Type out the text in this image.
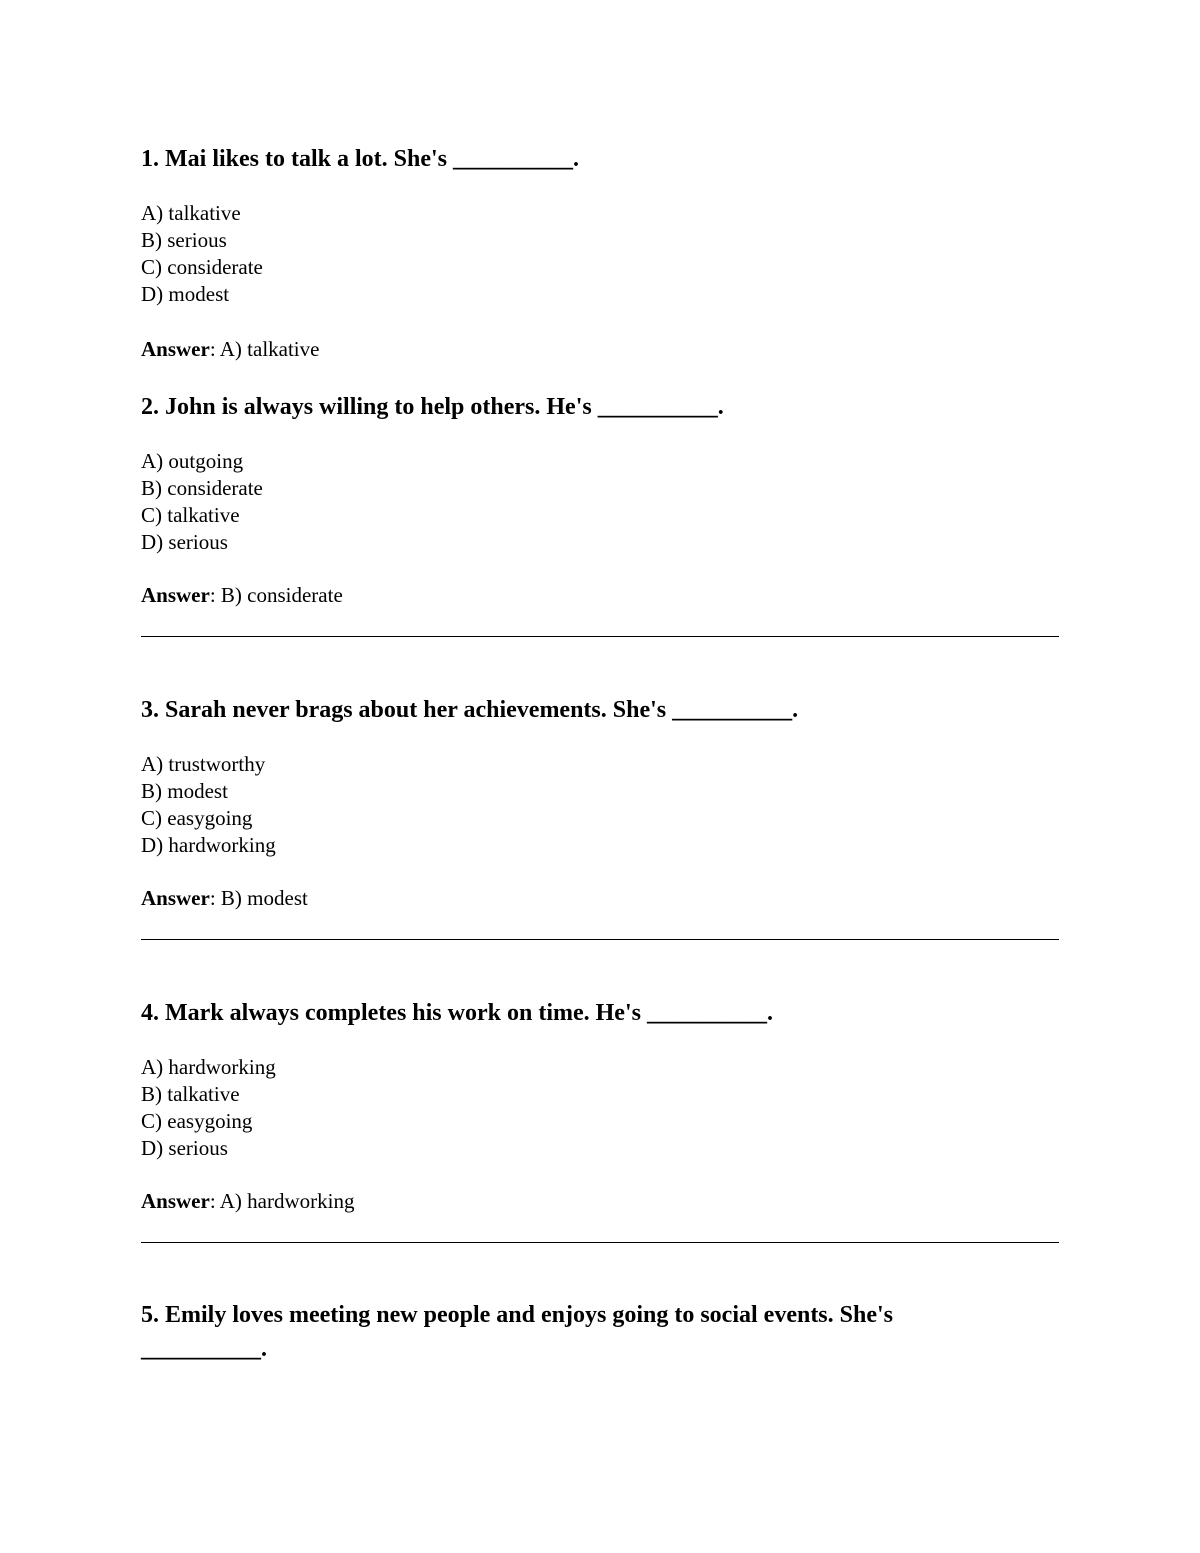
1. Mai likes to talk a lot. She's __________.

A) talkative
B) serious
C) considerate
D) modest
Answer: A) talkative

2. John is always willing to help others. He's __________.

A) outgoing
B) considerate
C) talkative
D) serious
Answer: B) considerate

3. Sarah never brags about her achievements. She's __________.

A) trustworthy
B) modest
C) easygoing
D) hardworking
Answer: B) modest

4. Mark always completes his work on time. He's __________.

A) hardworking
B) talkative
C) easygoing
D) serious
Answer: A) hardworking

5. Emily loves meeting new people and enjoys going to social events. She's __________.
